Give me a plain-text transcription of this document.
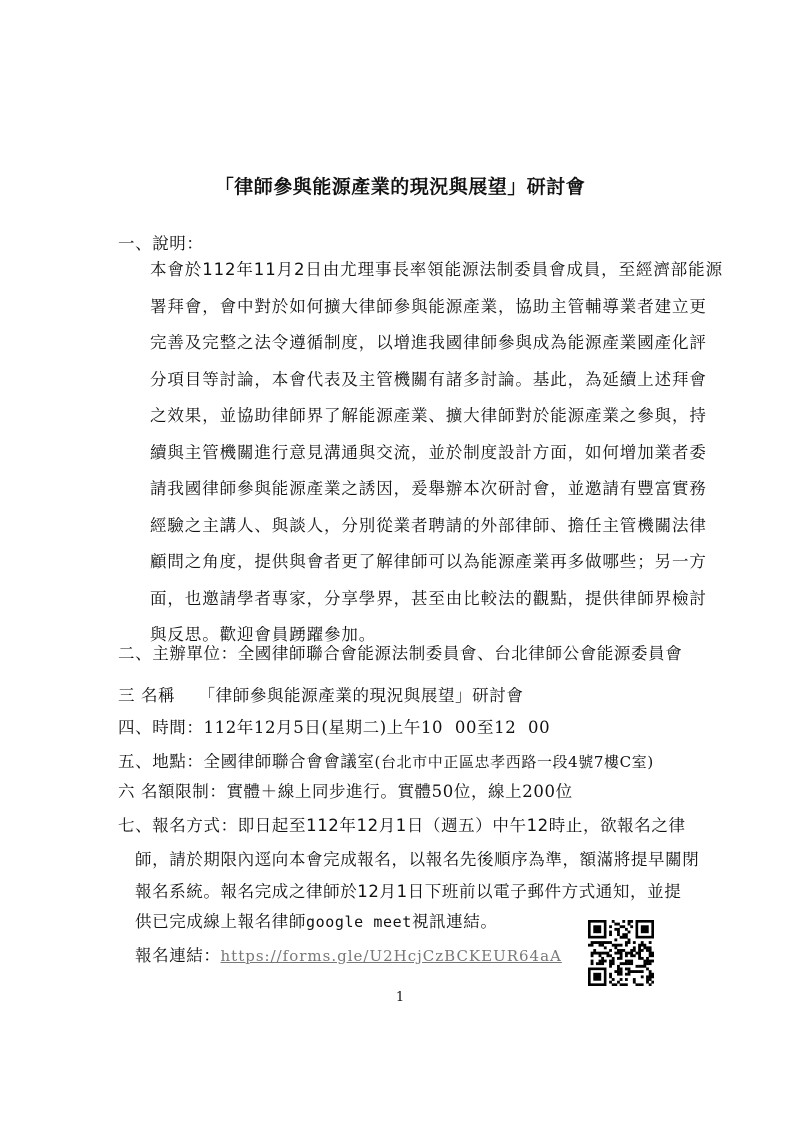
「律師參與能源產業的現況與展望」研討會
一、說明：
本會於112年11月2日由尤理事長率領能源法制委員會成員，至經濟部能源
署拜會，會中對於如何擴大律師參與能源產業，協助主管輔導業者建立更
完善及完整之法令遵循制度，以增進我國律師參與成為能源產業國產化評
分項目等討論，本會代表及主管機關有諸多討論。基此，為延續上述拜會
之效果，並協助律師界了解能源產業、擴大律師對於能源產業之參與，持
續與主管機關進行意見溝通與交流，並於制度設計方面，如何增加業者委
請我國律師參與能源產業之誘因，爰舉辦本次研討會，並邀請有豐富實務
經驗之主講人、與談人，分別從業者聘請的外部律師、擔任主管機關法律
顧問之角度，提供與會者更了解律師可以為能源產業再多做哪些；另一方
面，也邀請學者專家，分享學界，甚至由比較法的觀點，提供律師界檢討
與反思。歡迎會員踴躍參加。
二、主辦單位：全國律師聯合會能源法制委員會、台北律師公會能源委員會
三 名稱 「律師參與能源產業的現況與展望」研討會
四、時間：112年12月5日(星期二)上午10  00至12  00
五、地點：全國律師聯合會會議室(台北市中正區忠孝西路一段4號7樓C室)
六 名額限制：實體＋線上同步進行。實體50位，線上200位
七、報名方式：即日起至112年12月1日（週五）中午12時止，欲報名之律
師，請於期限內逕向本會完成報名，以報名先後順序為準，額滿將提早關閉
報名系統。報名完成之律師於12月1日下班前以電子郵件方式通知，並提
供已完成線上報名律師google meet視訊連結。
報名連結：https://forms.gle/U2HcjCzBCKEUR64aA
1
